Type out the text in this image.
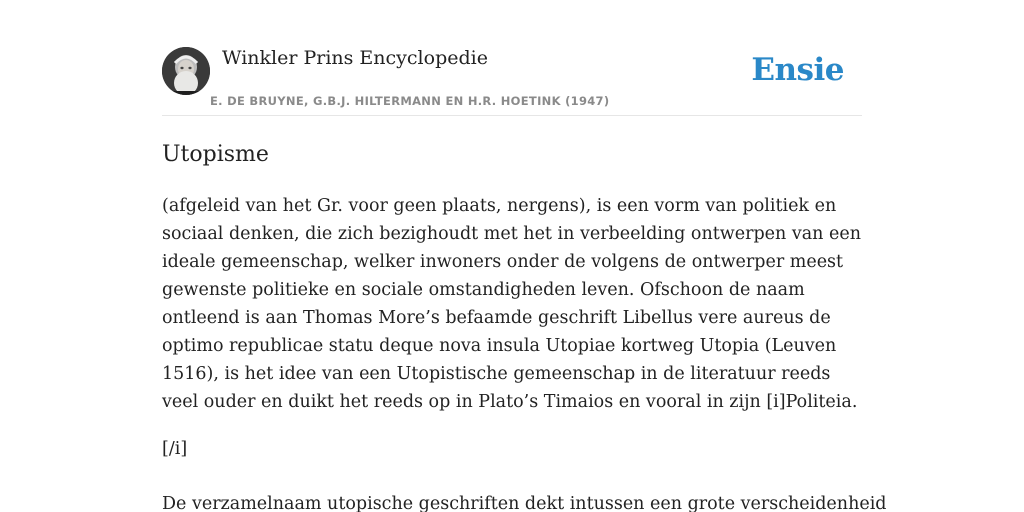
Winkler Prins Encyclopedie
E. DE BRUYNE, G.B.J. HILTERMANN EN H.R. HOETINK (1947)
Ensie
Utopisme

(afgeleid van het Gr. voor geen plaats, nergens), is een vorm van politiek en sociaal denken, die zich bezighoudt met het in verbeelding ontwerpen van een ideale gemeenschap, welker inwoners onder de volgens de ontwerper meest gewenste politieke en sociale omstandigheden leven. Ofschoon de naam ontleend is aan Thomas More’s befaamde geschrift Libellus vere aureus de optimo republicae statu deque nova insula Utopiae kortweg Utopia (Leuven 1516), is het idee van een Utopistische gemeenschap in de literatuur reeds veel ouder en duikt het reeds op in Plato’s Timaios en vooral in zijn [i]Politeia.

[/i]

De verzamelnaam utopische geschriften dekt intussen een grote verscheidenheid
